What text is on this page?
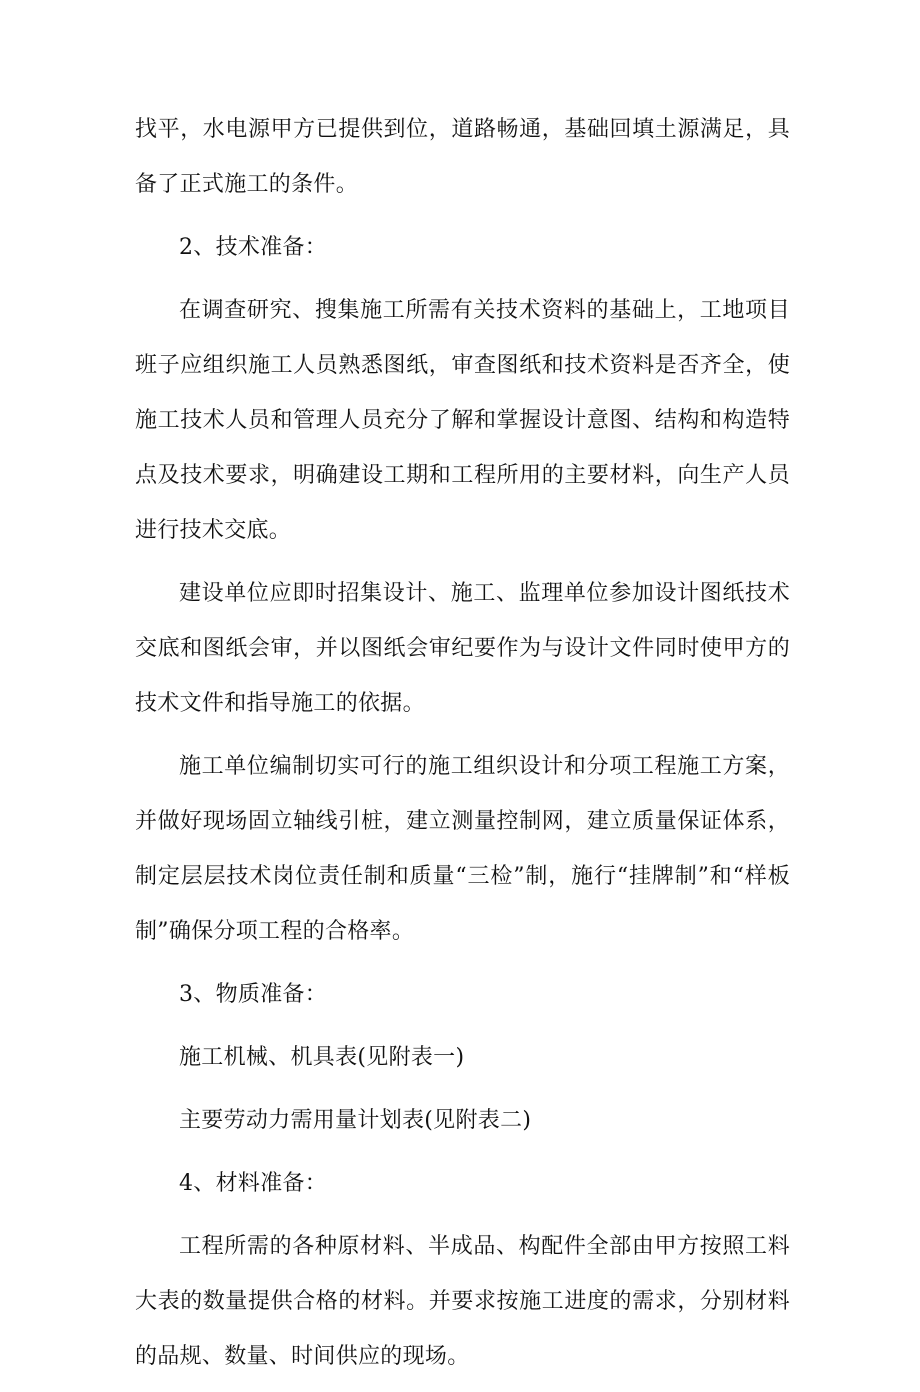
找平，水电源甲方已提供到位，道路畅通，基础回填土源满足，具备了正式施工的条件。

2、技术准备：

在调查研究、搜集施工所需有关技术资料的基础上，工地项目班子应组织施工人员熟悉图纸，审查图纸和技术资料是否齐全，使施工技术人员和管理人员充分了解和掌握设计意图、结构和构造特点及技术要求，明确建设工期和工程所用的主要材料，向生产人员进行技术交底。

建设单位应即时招集设计、施工、监理单位参加设计图纸技术交底和图纸会审，并以图纸会审纪要作为与设计文件同时使甲方的技术文件和指导施工的依据。

施工单位编制切实可行的施工组织设计和分项工程施工方案，并做好现场固立轴线引桩，建立测量控制网，建立质量保证体系，制定层层技术岗位责任制和质量“三检”制，施行“挂牌制”和“样板制”确保分项工程的合格率。

3、物质准备：

施工机械、机具表(见附表一)

主要劳动力需用量计划表(见附表二)

4、材料准备：

工程所需的各种原材料、半成品、构配件全部由甲方按照工料大表的数量提供合格的材料。并要求按施工进度的需求，分别材料的品规、数量、时间供应的现场。
